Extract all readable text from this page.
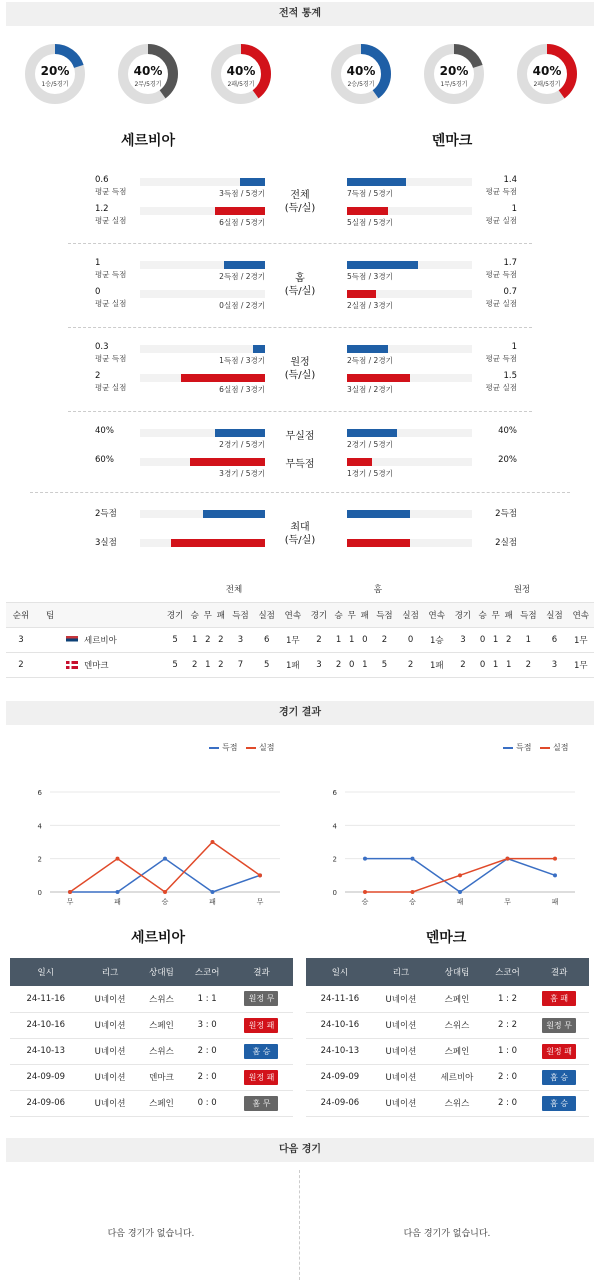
전적 통계
20%
1승/5경기
40%
2무/5경기
40%
2패/5경기
40%
2승/5경기
20%
1무/5경기
40%
2패/5경기
세르비아	덴마크
0.6
평균 득점	3득점 / 5경기	7득점 / 5경기
1.4
평균 득점
1.2
평균 실점	6실점 / 5경기	5실점 / 5경기
1
평균 실점
전체
(득/실)
1
평균 득점	2득점 / 2경기	5득점 / 3경기
1.7
평균 득점
0
평균 실점	0실점 / 2경기	2실점 / 3경기
0.7
평균 실점
홈
(득/실)
0.3
평균 득점	1득점 / 3경기	2득점 / 2경기
1
평균 득점
2
평균 실점	6실점 / 3경기	3실점 / 2경기
1.5
평균 실점
원정
(득/실)
40%
2경기 / 5경기	2경기 / 5경기
40%
60%
3경기 / 5경기	1경기 / 5경기
20%
무실점
무득점
2득점	2득점
3실점	2실점
최대
(득/실)
		전체							홈							원정						
순위	팀	경기	승	무	패	득점	실점	연속	경기	승	무	패	득점	실점	연속	경기	승	무	패	득점	실점	연속
3	세르비아	5	1	2	2	3	6	1무	2	1	1	0	2	0	1승	3	0	1	2	1	6	1무
2	덴마크	5	2	1	2	7	5	1패	3	2	0	1	5	2	1패	2	0	1	1	2	3	1무
경기 결과
득점	실점	득점	실점
0
2
4
6
무	패	승	패	무
0
2
4
6
승	승	패	무	패
세르비아	덴마크
일시	리그	상대팀	스코어	결과
24-11-16	U네이션	스위스	1 : 1	원정 무
24-10-16	U네이션	스페인	3 : 0	원정 패
24-10-13	U네이션	스위스	2 : 0	홈 승
24-09-09	U네이션	덴마크	2 : 0	원정 패
24-09-06	U네이션	스페인	0 : 0	홈 무
일시	리그	상대팀	스코어	결과
24-11-16	U네이션	스페인	1 : 2	홈 패
24-10-16	U네이션	스위스	2 : 2	원정 무
24-10-13	U네이션	스페인	1 : 0	원정 패
24-09-09	U네이션	세르비아	2 : 0	홈 승
24-09-06	U네이션	스위스	2 : 0	홈 승
다음 경기
다음 경기가 없습니다.	다음 경기가 없습니다.
